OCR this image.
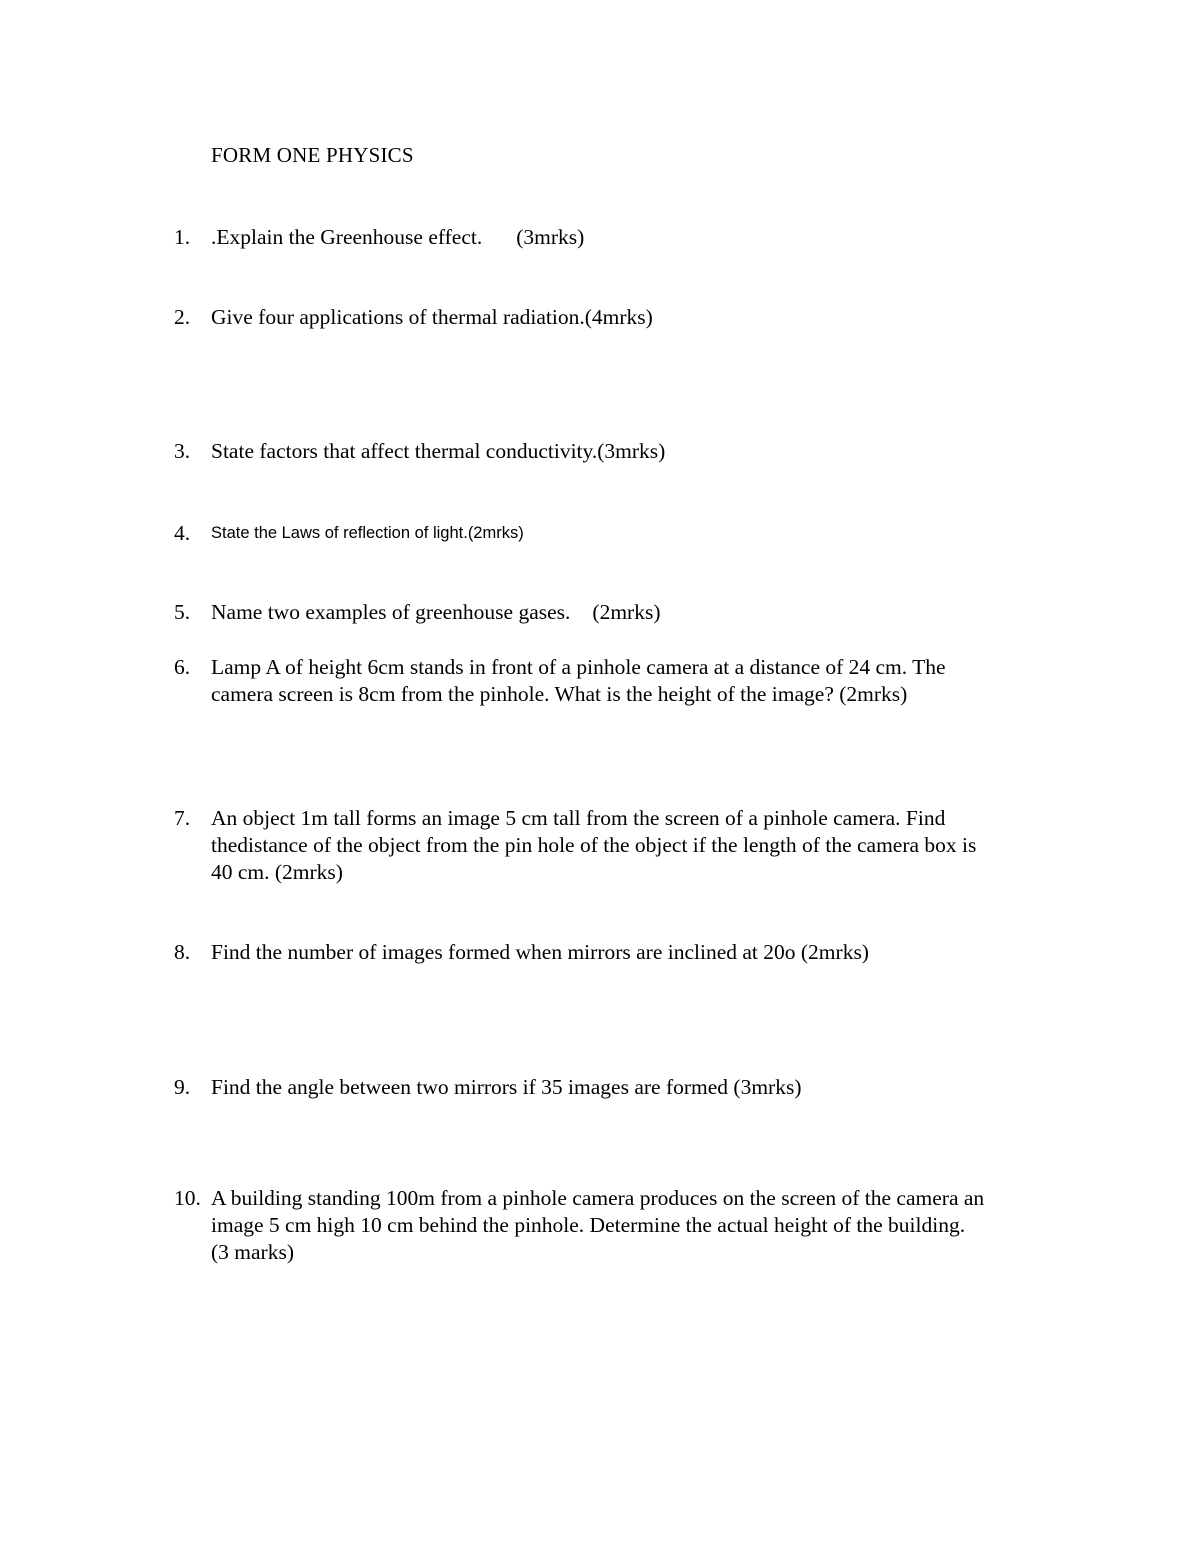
FORM ONE PHYSICS
1. .Explain the Greenhouse effect. (3mrks)
2. Give four applications of thermal radiation.(4mrks)
3. State factors that affect thermal conductivity.(3mrks)
4.	State the Laws of reflection of light.(2mrks)
5. Name two examples of greenhouse gases. (2mrks)
6. Lamp A of height 6cm stands in front of a pinhole camera at a distance of 24 cm. The
camera screen is 8cm from the pinhole. What is the height of the image? (2mrks)
7. An object 1m tall forms an image 5 cm tall from the screen of a pinhole camera. Find
thedistance of the object from the pin hole of the object if the length of the camera box is
40 cm. (2mrks)
8. Find the number of images formed when mirrors are inclined at 20o (2mrks)
9. Find the angle between two mirrors if 35 images are formed (3mrks)
10. A building standing 100m from a pinhole camera produces on the screen of the camera an
image 5 cm high 10 cm behind the pinhole. Determine the actual height of the building.
(3 marks)
